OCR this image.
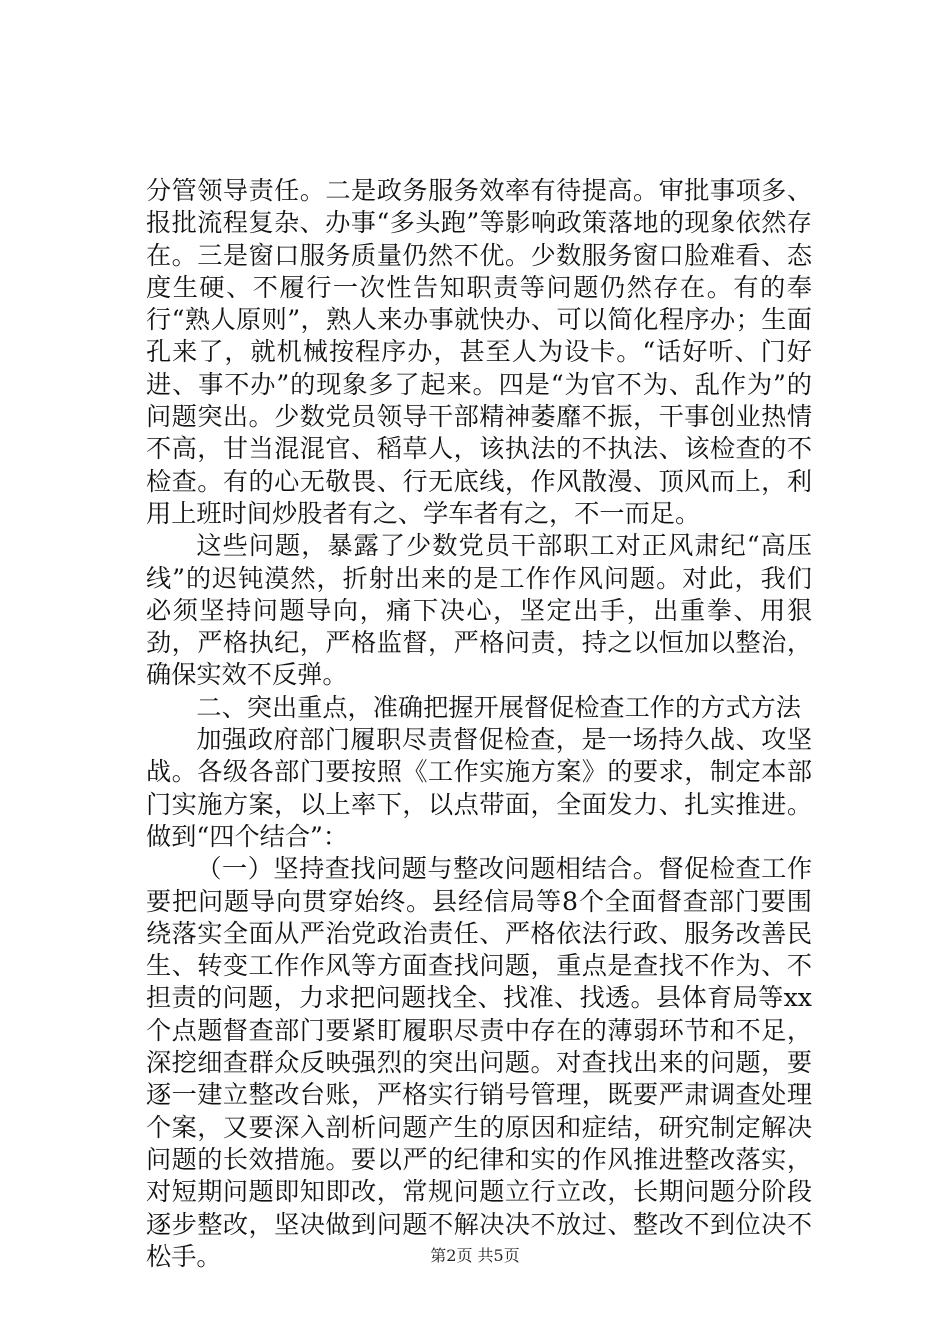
分管领导责任。二是政务服务效率有待提高。审批事项多、报批流程复杂、办事“多头跑”等影响政策落地的现象依然存在。三是窗口服务质量仍然不优。少数服务窗口脸难看、态度生硬、不履行一次性告知职责等问题仍然存在。有的奉行“熟人原则”，熟人来办事就快办、可以简化程序办；生面孔来了，就机械按程序办，甚至人为设卡。“话好听、门好进、事不办”的现象多了起来。四是“为官不为、乱作为”的问题突出。少数党员领导干部精神萎靡不振，干事创业热情不高，甘当混混官、稻草人，该执法的不执法、该检查的不检查。有的心无敬畏、行无底线，作风散漫、顶风而上，利用上班时间炒股者有之、学车者有之，不一而足。

这些问题，暴露了少数党员干部职工对正风肃纪“高压线”的迟钝漠然，折射出来的是工作作风问题。对此，我们必须坚持问题导向，痛下决心，坚定出手，出重拳、用狠劲，严格执纪，严格监督，严格问责，持之以恒加以整治，确保实效不反弹。

二、突出重点，准确把握开展督促检查工作的方式方法

加强政府部门履职尽责督促检查，是一场持久战、攻坚战。各级各部门要按照《工作实施方案》的要求，制定本部门实施方案，以上率下，以点带面，全面发力、扎实推进。做到“四个结合”：

（一）坚持查找问题与整改问题相结合。督促检查工作要把问题导向贯穿始终。县经信局等8个全面督查部门要围绕落实全面从严治党政治责任、严格依法行政、服务改善民生、转变工作作风等方面查找问题，重点是查找不作为、不担责的问题，力求把问题找全、找准、找透。县体育局等xx个点题督查部门要紧盯履职尽责中存在的薄弱环节和不足，深挖细查群众反映强烈的突出问题。对查找出来的问题，要逐一建立整改台账，严格实行销号管理，既要严肃调查处理个案，又要深入剖析问题产生的原因和症结，研究制定解决问题的长效措施。要以严的纪律和实的作风推进整改落实，对短期问题即知即改，常规问题立行立改，长期问题分阶段逐步整改，坚决做到问题不解决决不放过、整改不到位决不松手。	第2页 共5页
